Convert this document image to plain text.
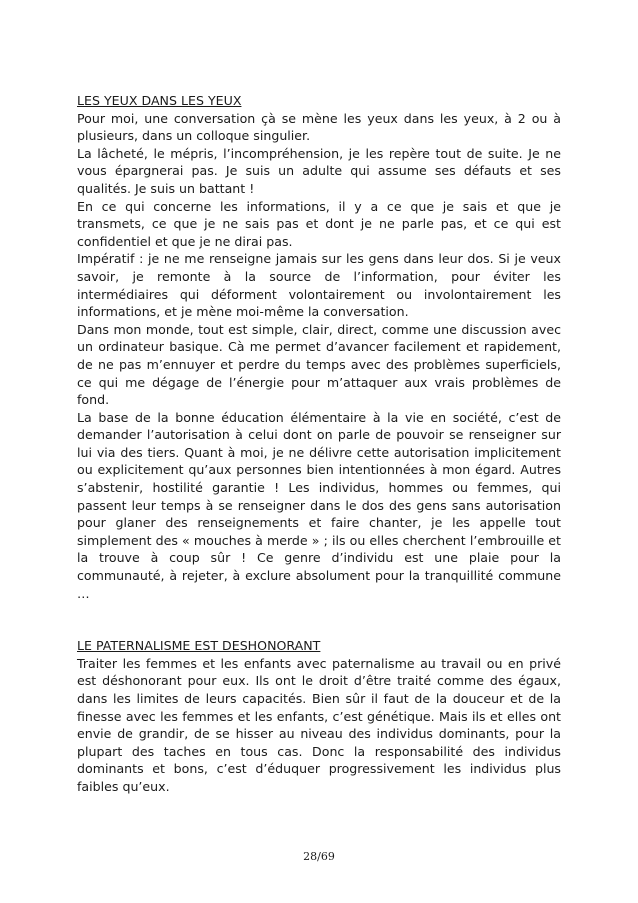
LES YEUX DANS LES YEUX

Pour moi, une conversation çà se mène les yeux dans les yeux, à 2 ou à plusieurs, dans un colloque singulier.

La lâcheté, le mépris, l’incompréhension, je les repère tout de suite. Je ne vous épargnerai pas. Je suis un adulte qui assume ses défauts et ses qualités. Je suis un battant !

En ce qui concerne les informations, il y a ce que je sais et que je transmets, ce que je ne sais pas et dont je ne parle pas, et ce qui est confidentiel et que je ne dirai pas.

Impératif : je ne me renseigne jamais sur les gens dans leur dos. Si je veux savoir, je remonte à la source de l’information, pour éviter les intermédiaires qui déforment volontairement ou involontairement les informations, et je mène moi-même la conversation.

Dans mon monde, tout est simple, clair, direct, comme une discussion avec un ordinateur basique. Cà me permet d’avancer facilement et rapidement, de ne pas m’ennuyer et perdre du temps avec des problèmes superficiels, ce qui me dégage de l’énergie pour m’attaquer aux vrais problèmes de fond.

La base de la bonne éducation élémentaire à la vie en société, c’est de demander l’autorisation à celui dont on parle de pouvoir se renseigner sur lui via des tiers. Quant à moi, je ne délivre cette autorisation implicitement ou explicitement qu’aux personnes bien intentionnées à mon égard. Autres s’abstenir, hostilité garantie ! Les individus, hommes ou femmes, qui passent leur temps à se renseigner dans le dos des gens sans autorisation pour glaner des renseignements et faire chanter, je les appelle tout simplement des « mouches à merde » ; ils ou elles cherchent l’embrouille et la trouve à coup sûr ! Ce genre d’individu est une plaie pour la communauté, à rejeter, à exclure absolument pour la tranquillité commune …

LE PATERNALISME EST DESHONORANT

Traiter les femmes et les enfants avec paternalisme au travail ou en privé est déshonorant pour eux. Ils ont le droit d’être traité comme des égaux, dans les limites de leurs capacités. Bien sûr il faut de la douceur et de la finesse avec les femmes et les enfants, c’est génétique. Mais ils et elles ont envie de grandir, de se hisser au niveau des individus dominants, pour la plupart des taches en tous cas. Donc la responsabilité des individus dominants et bons, c’est d’éduquer progressivement les individus plus faibles qu’eux.

28/69
